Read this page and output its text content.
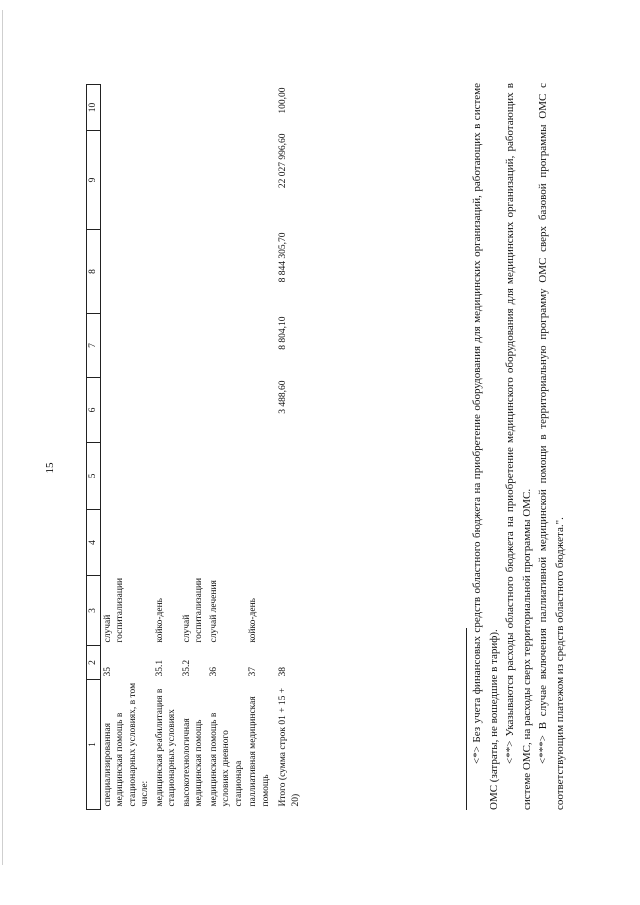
15
1	2	3	4	5	6	7	8	9	10
специализированная медицинская помощь в стационарных условиях, в том числе:	35	случай госпитализации							
медицинская реабилитация в стационарных условиях	35.1	койко-день							
высокотехнологичная медицинская помощь	35.2	случай госпитализации							
медицинская помощь в условиях дневного стационара	36	случай лечения							
паллиативная медицинская помощь	37	койко-день							
Итого (сумма строк 01 + 15 + 20)	38				3 488,60	8 804,10	8 844 305,70	22 027 996,60	100,00	<*> Без учета финансовых средств областного бюджета на приобретение оборудования для медицинских организаций, работающих в системе ОМС (затраты, не вошедшие в тариф). <**> Указываются расходы областного бюджета на приобретение медицинского оборудования для медицинских организаций, работающих в системе ОМС, на расходы сверх территориальной программы ОМС. <***> В случае включения паллиативной медицинской помощи в территориальную программу ОМС сверх базовой программы ОМС с соответствующим платежом из средств областного бюджета.".
